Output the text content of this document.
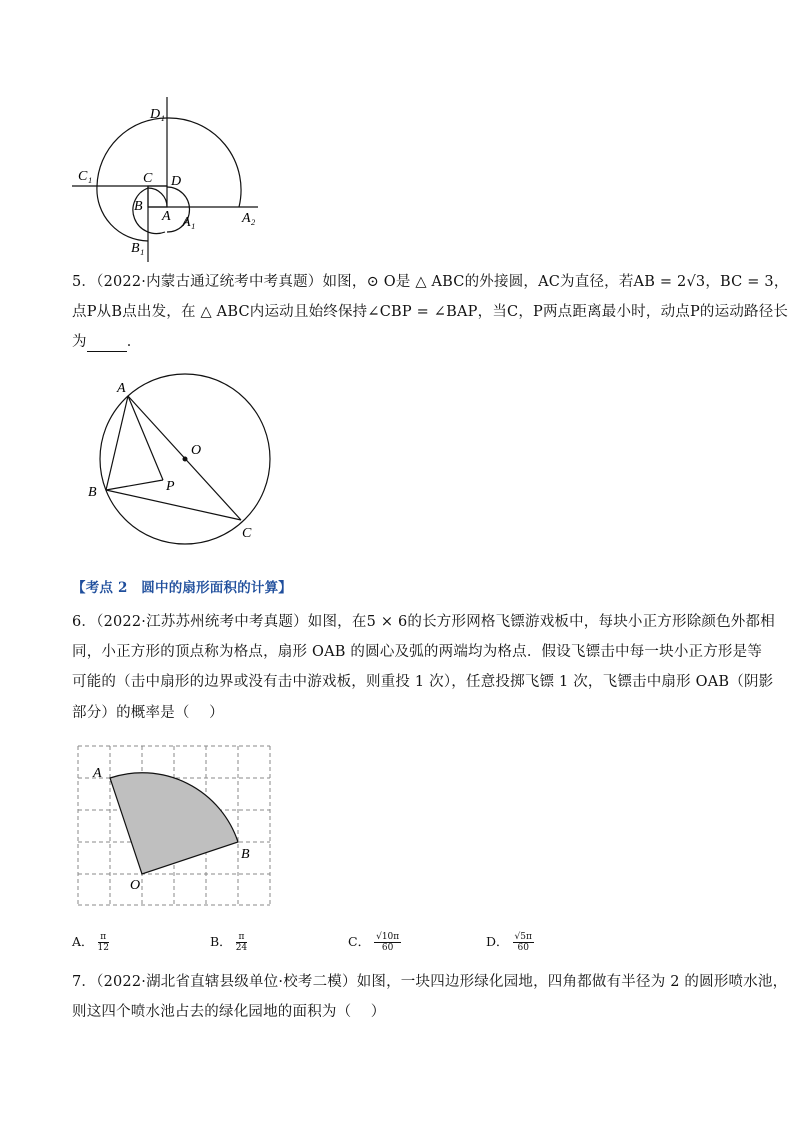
D₁
C D
C₁
B
A A₁	A₂
B₁
5．（2022·内蒙古通辽统考中考真题）如图，⊙ O是 △ ABC的外接圆，AC为直径，若AB = 2√3，BC = 3，
点P从B点出发，在 △ ABC内运动且始终保持∠CBP = ∠BAP，当C，P两点距离最小时，动点P的运动路径长
为	．
A
O
B	P
C
【考点 2　圆中的扇形面积的计算】
6．（2022·江苏苏州统考中考真题）如图，在5 × 6的长方形网格飞镖游戏板中，每块小正方形除颜色外都相
同，小正方形的顶点称为格点，扇形 OAB 的圆心及弧的两端均为格点．假设飞镖击中每一块小正方形是等
可能的（击中扇形的边界或没有击中游戏板，则重投 1 次），任意投掷飞镖 1 次，飞镖击中扇形 OAB（阴影
部分）的概率是（　 ）
A
B
O
A． $\frac{\pi}{12}$	B． $\frac{\pi}{24}$	C． $\frac{√10\pi}{60}$	D． $\frac{√5\pi}{60}$
7．（2022·湖北省直辖县级单位·校考二模）如图，一块四边形绿化园地，四角都做有半径为 2 的圆形喷水池，
则这四个喷水池占去的绿化园地的面积为（　 ）
